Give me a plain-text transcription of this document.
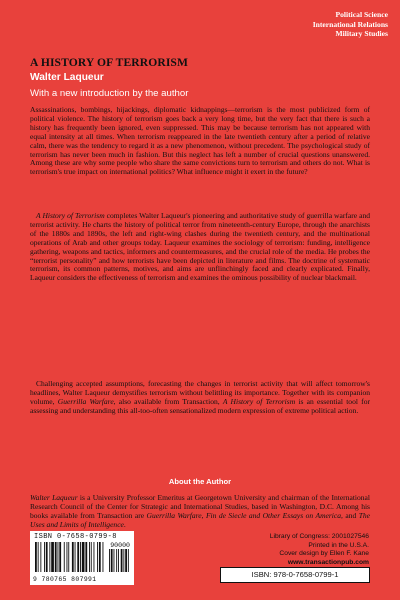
Political Science
International Relations
Military Studies
A HISTORY OF TERRORISM
Walter Laqueur
With a new introduction by the author

Assassinations, bombings, hijackings, diplomatic kidnappings—terrorism is the most publicized form of political violence. The history of terrorism goes back a very long time, but the very fact that there is such a history has frequently been ignored, even suppressed. This may be because terrorism has not appeared with equal intensity at all times. When terrorism reappeared in the late twentieth century after a period of relative calm, there was the tendency to regard it as a new phenomenon, without precedent. The psychological study of terrorism has never been much in fashion. But this neglect has left a number of crucial questions unanswered. Among these are why some people who share the same convictions turn to terrorism and others do not. What is terrorism's true impact on international politics? What influence might it exert in the future?

A History of Terrorism completes Walter Laqueur's pioneering and authoritative study of guerrilla warfare and terrorist activity. He charts the history of political terror from nineteenth-century Europe, through the anarchists of the 1880s and 1890s, the left and right-wing clashes during the twentieth century, and the multinational operations of Arab and other groups today. Laqueur examines the sociology of terrorism: funding, intelligence gathering, weapons and tactics, informers and countermeasures, and the crucial role of the media. He probes the “terrorist personality” and how terrorists have been depicted in literature and films. The doctrine of systematic terrorism, its common patterns, motives, and aims are unflinchingly faced and clearly explicated. Finally, Laqueur considers the effectiveness of terrorism and examines the ominous possibility of nuclear blackmail.

Challenging accepted assumptions, forecasting the changes in terrorist activity that will affect tomorrow's headlines, Walter Laqueur demystifies terrorism without belittling its importance. Together with its companion volume, Guerrilla Warfare, also available from Transaction, A History of Terrorism is an essential tool for assessing and understanding this all-too-often sensationalized modern expression of extreme political action.

About the Author

Walter Laqueur is a University Professor Emeritus at Georgetown University and chairman of the International Research Council of the Center for Strategic and International Studies, based in Washington, D.C. Among his books available from Transaction are Guerrilla Warfare, Fin de Siecle and Other Essays on America, and The Uses and Limits of Intelligence.

ISBN 0-7658-0799-8
90000
9 780765 807991
Library of Congress: 2001027546
Printed in the U.S.A.
Cover design by Ellen F. Kane
www.transactionpub.com
ISBN: 978-0-7658-0799-1
